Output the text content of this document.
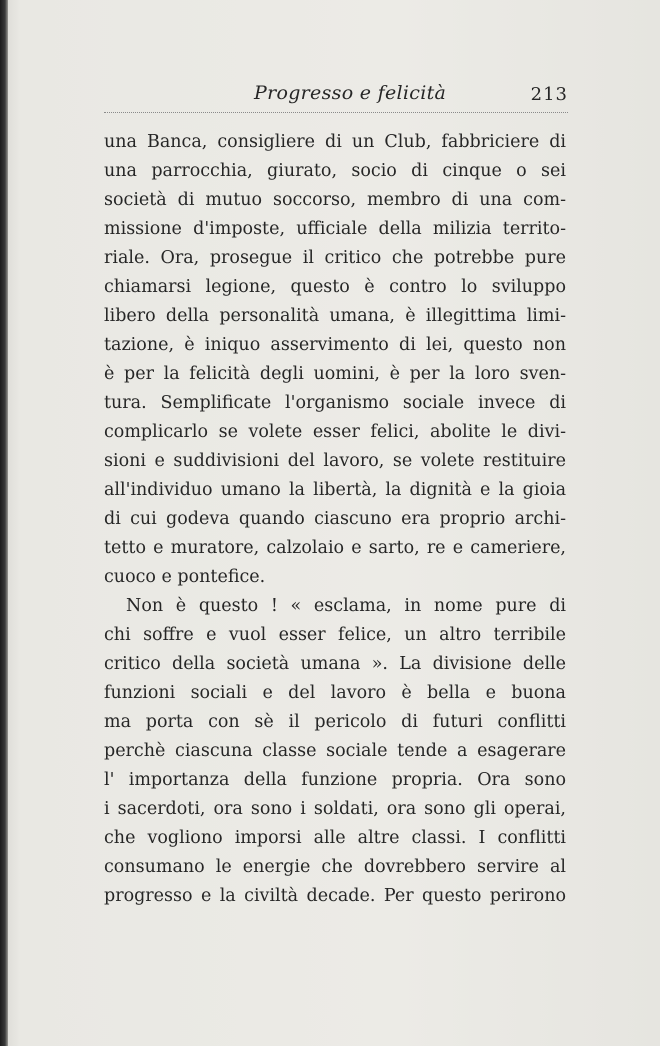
Progresso e felicità	213
una Banca, consigliere di un Club, fabbriciere di
una parrocchia, giurato, socio di cinque o sei
società di mutuo soccorso, membro di una com-
missione d'imposte, ufficiale della milizia territo-
riale. Ora, prosegue il critico che potrebbe pure
chiamarsi legione, questo è contro lo sviluppo
libero della personalità umana, è illegittima limi-
tazione, è iniquo asservimento di lei, questo non
è per la felicità degli uomini, è per la loro sven-
tura. Semplificate l'organismo sociale invece di
complicarlo se volete esser felici, abolite le divi-
sioni e suddivisioni del lavoro, se volete restituire
all'individuo umano la libertà, la dignità e la gioia
di cui godeva quando ciascuno era proprio archi-
tetto e muratore, calzolaio e sarto, re e cameriere,
cuoco e pontefice.
Non è questo ! « esclama, in nome pure di
chi soffre e vuol esser felice, un altro terribile
critico della società umana ». La divisione delle
funzioni sociali e del lavoro è bella e buona
ma porta con sè il pericolo di futuri conflitti
perchè ciascuna classe sociale tende a esagerare
l' importanza della funzione propria. Ora sono
i sacerdoti, ora sono i soldati, ora sono gli operai,
che vogliono imporsi alle altre classi. I conflitti
consumano le energie che dovrebbero servire al
progresso e la civiltà decade. Per questo perirono
